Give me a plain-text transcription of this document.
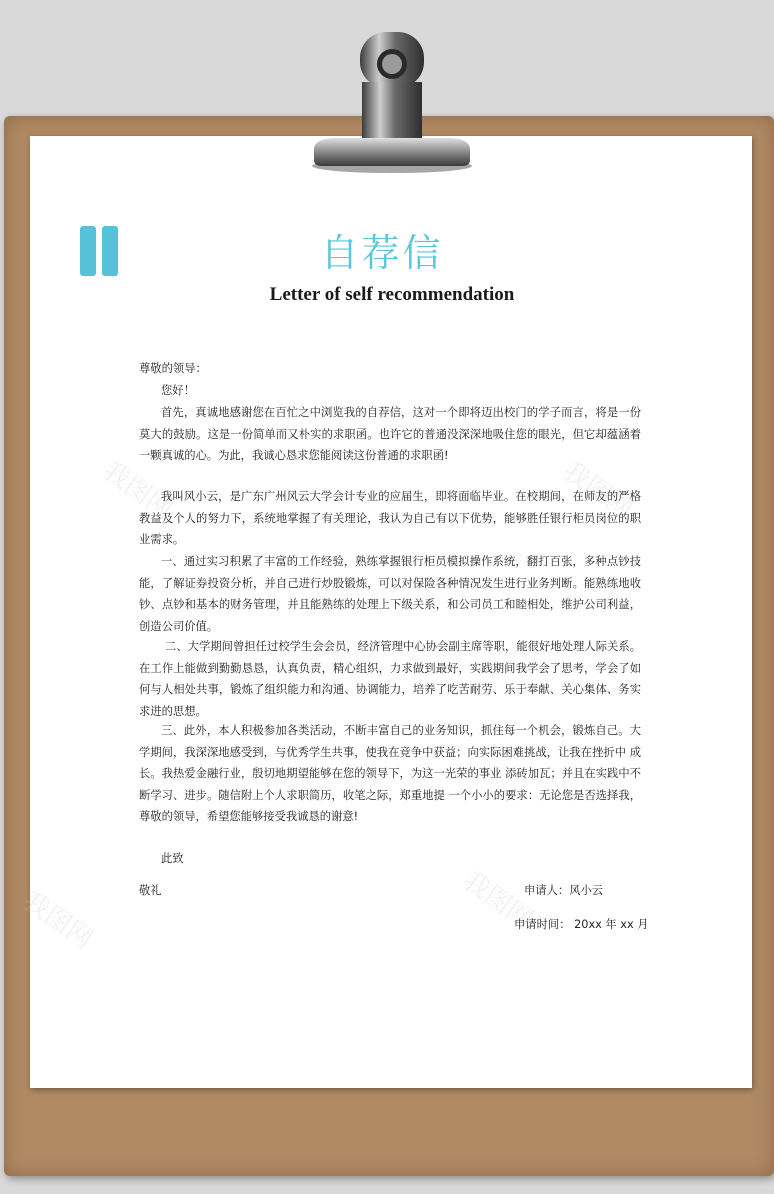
我图网	我图网
我图网	我图网
自荐信
Letter of self recommendation
尊敬的领导：
您好！
首先，真诚地感谢您在百忙之中浏览我的自荐信，这对一个即将迈出校门的学子而言，将是一份莫大的鼓励。这是一份简单而又朴实的求职函。也许它的普通没深深地吸住您的眼光，但它却蕴涵着一颗真诚的心。为此，我诚心恳求您能阅读这份普通的求职函!
我叫风小云，是广东广州风云大学会计专业的应届生，即将面临毕业。在校期间，在师友的严格 教益及个人的努力下，系统地掌握了有关理论，我认为自己有以下优势，能够胜任银行柜员岗位的职业需求。
一、通过实习积累了丰富的工作经验，熟练掌握银行柜员模拟操作系统，翻打百张，多种点钞技能，了解证券投资分析，并自己进行炒股锻炼，可以对保险各种情况发生进行业务判断。能熟练地收钞、点钞和基本的财务管理，并且能熟练的处理上下级关系，和公司员工和睦相处，维护公司利益，创造公司价值。
二、大学期间曾担任过校学生会会员，经济管理中心协会副主席等职，能很好地处理人际关系。在工作上能做到勤勤恳恳，认真负责，精心组织，力求做到最好，实践期间我学会了思考，学会了如何与人相处共事，锻炼了组织能力和沟通、协调能力，培养了吃苦耐劳、乐于奉献、关心集体、务实求进的思想。
三、此外，本人积极参加各类活动，不断丰富自己的业务知识，抓住每一个机会，锻炼自己。大学期间，我深深地感受到，与优秀学生共事，使我在竞争中获益；向实际困难挑战，让我在挫折中 成长。我热爱金融行业，殷切地期望能够在您的领导下，为这一光荣的事业 添砖加瓦；并且在实践中不断学习、进步。随信附上个人求职简历，收笔之际，郑重地提 一个小小的要求：无论您是否选择我，尊敬的领导，希望您能够接受我诚恳的谢意!
此致
敬礼	申请人：风小云
申请时间： 20xx 年 xx 月
